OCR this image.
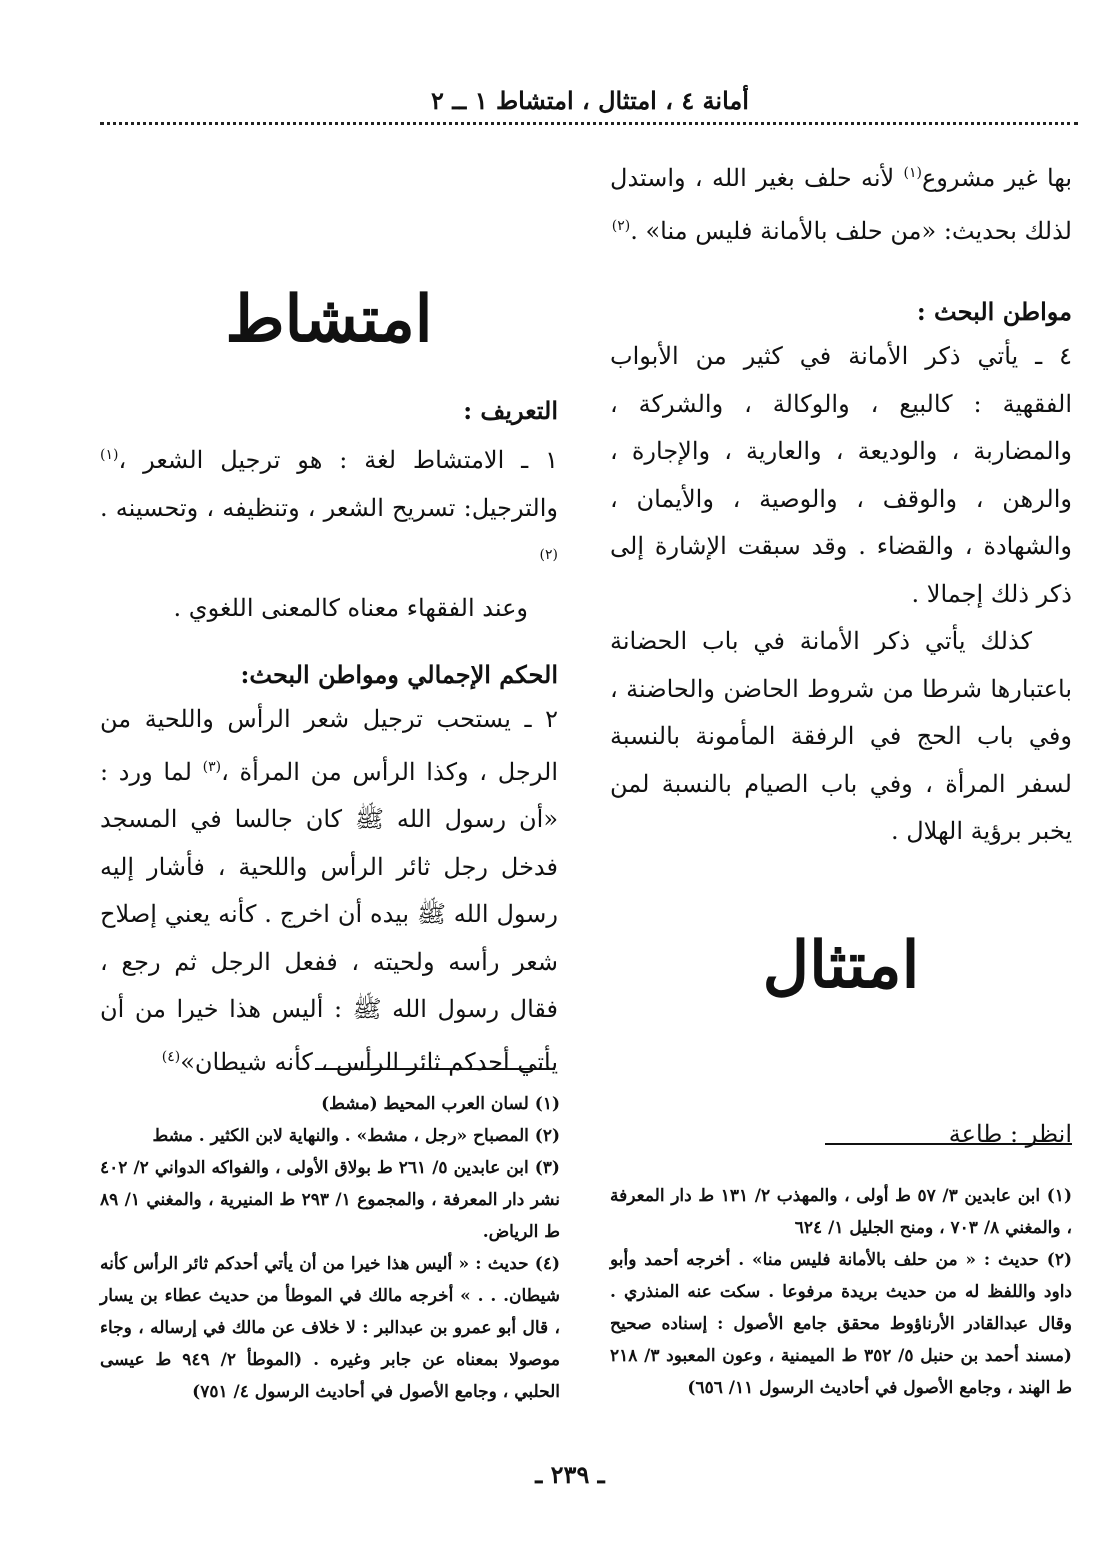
أمانة ٤ ، امتثال ، امتشاط ١ ــ ٢

بها غير مشروع$^{(١)}$ لأنه حلف بغير الله ، واستدل لذلك بحديث: «من حلف بالأمانة فليس منا» .$^{(٢)}$

مواطن البحث :

٤ ـ يأتي ذكر الأمانة في كثير من الأبواب الفقهية : كالبيع ، والوكالة ، والشركة ، والمضاربة ، والوديعة ، والعارية ، والإجارة ، والرهن ، والوقف ، والوصية ، والأيمان ، والشهادة ، والقضاء . وقد سبقت الإشارة إلى ذكر ذلك إجمالا .

كذلك يأتي ذكر الأمانة في باب الحضانة باعتبارها شرطا من شروط الحاضن والحاضنة ، وفي باب الحج في الرفقة المأمونة بالنسبة لسفر المرأة ، وفي باب الصيام بالنسبة لمن يخبر برؤية الهلال .

امتثال

انظر : طاعة

امتشاط

التعريف :

١ ـ الامتشاط لغة : هو ترجيل الشعر ،$^{(١)}$ والترجيل: تسريح الشعر ، وتنظيفه ، وتحسينه .$^{(٢)}$

وعند الفقهاء معناه كالمعنى اللغوي .

الحكم الإجمالي ومواطن البحث:

٢ ـ يستحب ترجيل شعر الرأس واللحية من الرجل ، وكذا الرأس من المرأة ،$^{(٣)}$ لما ورد : «أن رسول الله ﷺ كان جالسا في المسجد فدخل رجل ثائر الرأس واللحية ، فأشار إليه رسول الله ﷺ بيده أن اخرج . كأنه يعني إصلاح شعر رأسه ولحيته ، ففعل الرجل ثم رجع ، فقال رسول الله ﷺ : أليس هذا خيرا من أن يأتي أحدكم ثائر الرأس ، كأنه شيطان»$^{(٤)}$

(١) لسان العرب المحيط (مشط)

(٢) المصباح «رجل ، مشط» . والنهاية لابن الكثير . مشط

(٣) ابن عابدين ٥/ ٢٦١ ط بولاق الأولى ، والفواكه الدواني ٢/ ٤٠٢ نشر دار المعرفة ، والمجموع ١/ ٢٩٣ ط المنيرية ، والمغني ١/ ٨٩ ط الرياض.

(٤) حديث : « أليس هذا خيرا من أن يأتي أحدكم ثائر الرأس كأنه شيطان. . . » أخرجه مالك في الموطأ من حديث عطاء بن يسار ، قال أبو عمرو بن عبدالبر : لا خلاف عن مالك في إرساله ، وجاء موصولا بمعناه عن جابر وغيره . (الموطأ ٢/ ٩٤٩ ط عيسى الحلبي ، وجامع الأصول في أحاديث الرسول ٤/ ٧٥١)

(١) ابن عابدين ٣/ ٥٧ ط أولى ، والمهذب ٢/ ١٣١ ط دار المعرفة ، والمغني ٨/ ٧٠٣ ، ومنح الجليل ١/ ٦٢٤

(٢) حديث : « من حلف بالأمانة فليس منا» . أخرجه أحمد وأبو داود واللفظ له من حديث بريدة مرفوعا . سكت عنه المنذري . وقال عبدالقادر الأرناؤوط محقق جامع الأصول : إسناده صحيح (مسند أحمد بن حنبل ٥/ ٣٥٢ ط الميمنية ، وعون المعبود ٣/ ٢١٨ ط الهند ، وجامع الأصول في أحاديث الرسول ١١/ ٦٥٦)

ـ ٢٣٩ ـ
